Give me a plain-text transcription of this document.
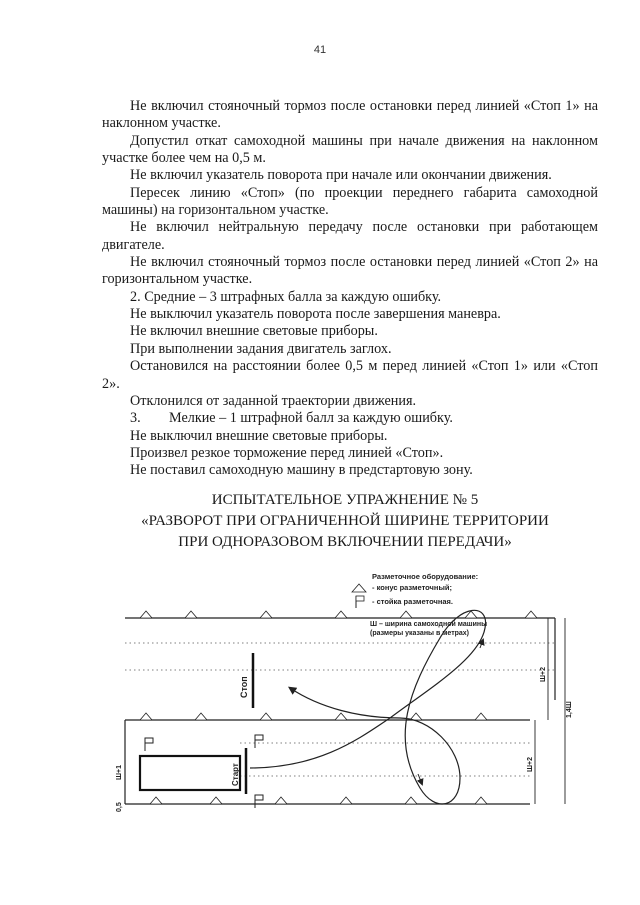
41

Не включил стояночный тормоз после остановки перед линией «Стоп 1» на наклонном участке.

Допустил откат самоходной машины при начале движения на наклонном участке более чем на 0,5 м.

Не включил указатель поворота при начале или окончании движения.

Пересек линию «Стоп» (по проекции переднего габарита самоходной машины) на горизонтальном участке.

Не включил нейтральную передачу после остановки при работающем двигателе.

Не включил стояночный тормоз после остановки перед линией «Стоп 2» на горизонтальном участке.

2. Средние – 3 штрафных балла за каждую ошибку.

Не выключил указатель поворота после завершения маневра.

Не включил внешние световые приборы.

При выполнении задания двигатель заглох.

Остановился на расстоянии более 0,5 м перед линией «Стоп 1» или «Стоп 2».

Отклонился от заданной траектории движения.

3.  Мелкие – 1 штрафной балл за каждую ошибку.

Не выключил внешние световые приборы.

Произвел резкое торможение перед линией «Стоп».

Не поставил самоходную машину в предстартовую зону.

ИСПЫТАТЕЛЬНОЕ УПРАЖНЕНИЕ № 5
«РАЗВОРОТ ПРИ ОГРАНИЧЕННОЙ ШИРИНЕ ТЕРРИТОРИИ
ПРИ ОДНОРАЗОВОМ ВКЛЮЧЕНИИ ПЕРЕДАЧИ»
Старт
Стоп
1,4Ш
Ш+2
Ш+2
Ш+1
0,5
Разметочное оборудование:
- конус разметочный;
- стойка разметочная.
Ш – ширина самоходной машины
(размеры указаны в метрах)
